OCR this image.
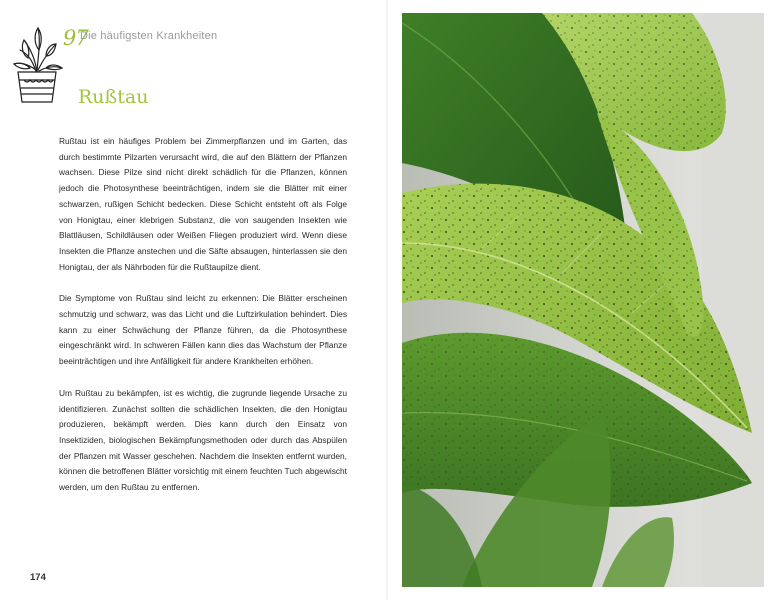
97
Die häufigsten Krankheiten
Rußtau

Rußtau ist ein häufiges Problem bei Zimmerpflanzen und im Garten, das durch bestimmte Pilzarten verursacht wird, die auf den Blättern der Pflanzen wachsen. Diese Pilze sind nicht direkt schädlich für die Pflanzen, können jedoch die Photosynthese beeinträchtigen, indem sie die Blätter mit einer schwarzen, rußigen Schicht bedecken. Diese Schicht entsteht oft als Folge von Honigtau, einer klebrigen Substanz, die von saugenden Insekten wie Blattläusen, Schildläusen oder Weißen Fliegen produziert wird. Wenn diese Insekten die Pflanze anstechen und die Säfte absaugen, hinterlassen sie den Honigtau, der als Nährboden für die Rußtaupilze dient.

Die Symptome von Rußtau sind leicht zu erkennen: Die Blätter erscheinen schmutzig und schwarz, was das Licht und die Luftzirkulation behindert. Dies kann zu einer Schwächung der Pflanze führen, da die Photosynthese eingeschränkt wird. In schweren Fällen kann dies das Wachstum der Pflanze beeinträchtigen und ihre Anfälligkeit für andere Krankheiten erhöhen.

Um Rußtau zu bekämpfen, ist es wichtig, die zugrunde liegende Ursache zu identifizieren. Zunächst sollten die schädlichen Insekten, die den Honigtau produzieren, bekämpft werden. Dies kann durch den Einsatz von Insektiziden, biologischen Bekämpfungsmethoden oder durch das Abspülen der Pflanzen mit Wasser geschehen. Nachdem die Insekten entfernt wurden, können die betroffenen Blätter vorsichtig mit einem feuchten Tuch abgewischt werden, um den Rußtau zu entfernen.

174
